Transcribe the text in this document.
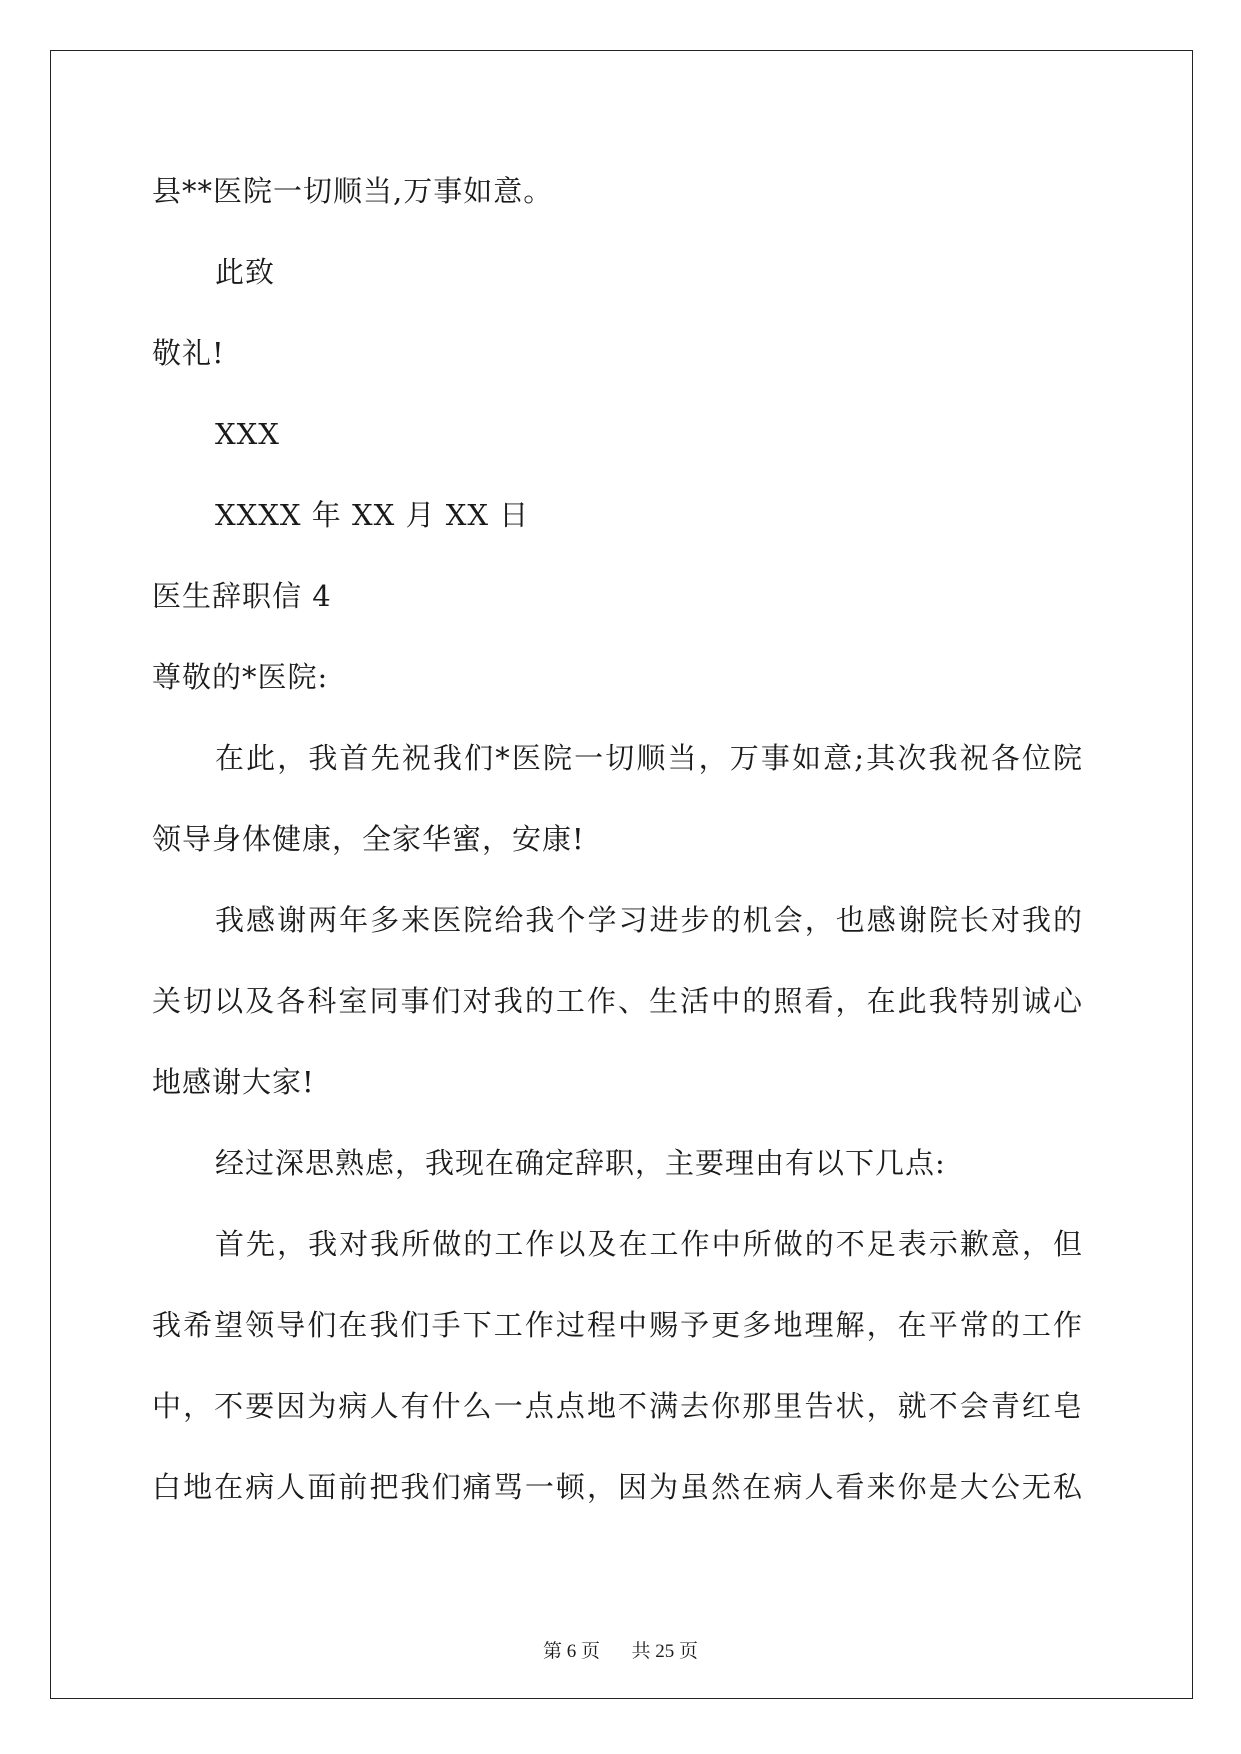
县**医院一切顺当,万事如意。
此致
敬礼!
XXX
XXXX 年 XX 月 XX 日
医生辞职信 4
尊敬的*医院:
在此，我首先祝我们*医院一切顺当，万事如意;其次我祝各位院
领导身体健康，全家华蜜，安康!
我感谢两年多来医院给我个学习进步的机会，也感谢院长对我的
关切以及各科室同事们对我的工作、生活中的照看，在此我特别诚心
地感谢大家!
经过深思熟虑，我现在确定辞职，主要理由有以下几点:
首先，我对我所做的工作以及在工作中所做的不足表示歉意，但
我希望领导们在我们手下工作过程中赐予更多地理解，在平常的工作
中，不要因为病人有什么一点点地不满去你那里告状，就不会青红皂
白地在病人面前把我们痛骂一顿，因为虽然在病人看来你是大公无私
第 6 页 共 25 页
